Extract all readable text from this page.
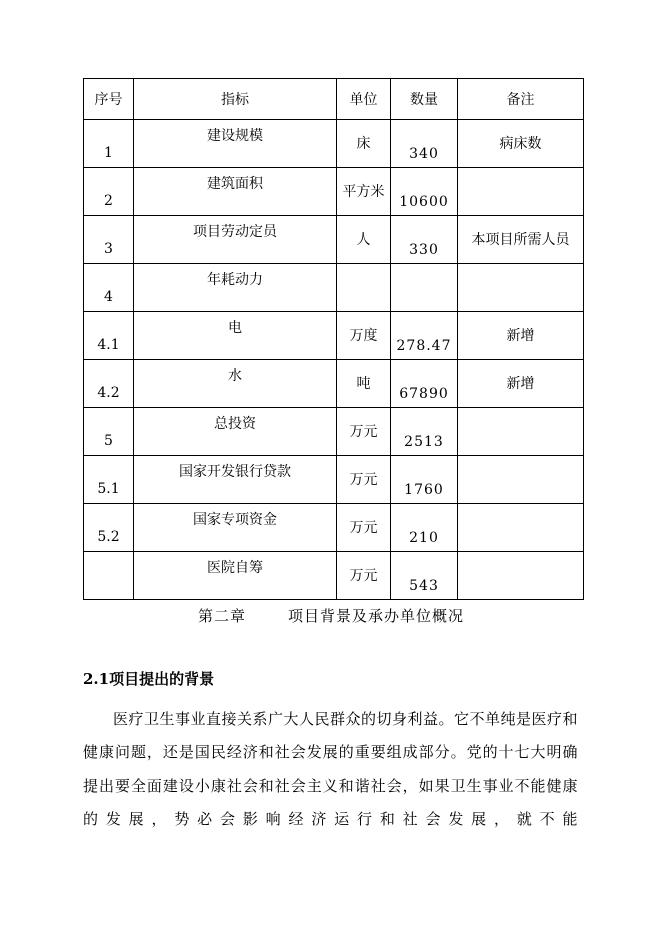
序号	指标	单位	数量	备注
1	建设规模	床	340	病床数
2	建筑面积	平方米	10600	
3	项目劳动定员	人	330	本项目所需人员
4	年耗动力			
4.1	电	万度	278.47	新增
4.2	水	吨	67890	新增
5	总投资	万元	2513	
5.1	国家开发银行贷款	万元	1760	
5.2	国家专项资金	万元	210	
	医院自筹	万元	543	
第二章	项目背景及承办单位概况
2.1项目提出的背景

医疗卫生事业直接关系广大人民群众的切身利益。它不单纯是医疗和健康问题，还是国民经济和社会发展的重要组成部分。党的十七大明确提出要全面建设小康社会和社会主义和谐社会，如果卫生事业不能健康的发展，势必会影响经济运行和社会发展，就不能
